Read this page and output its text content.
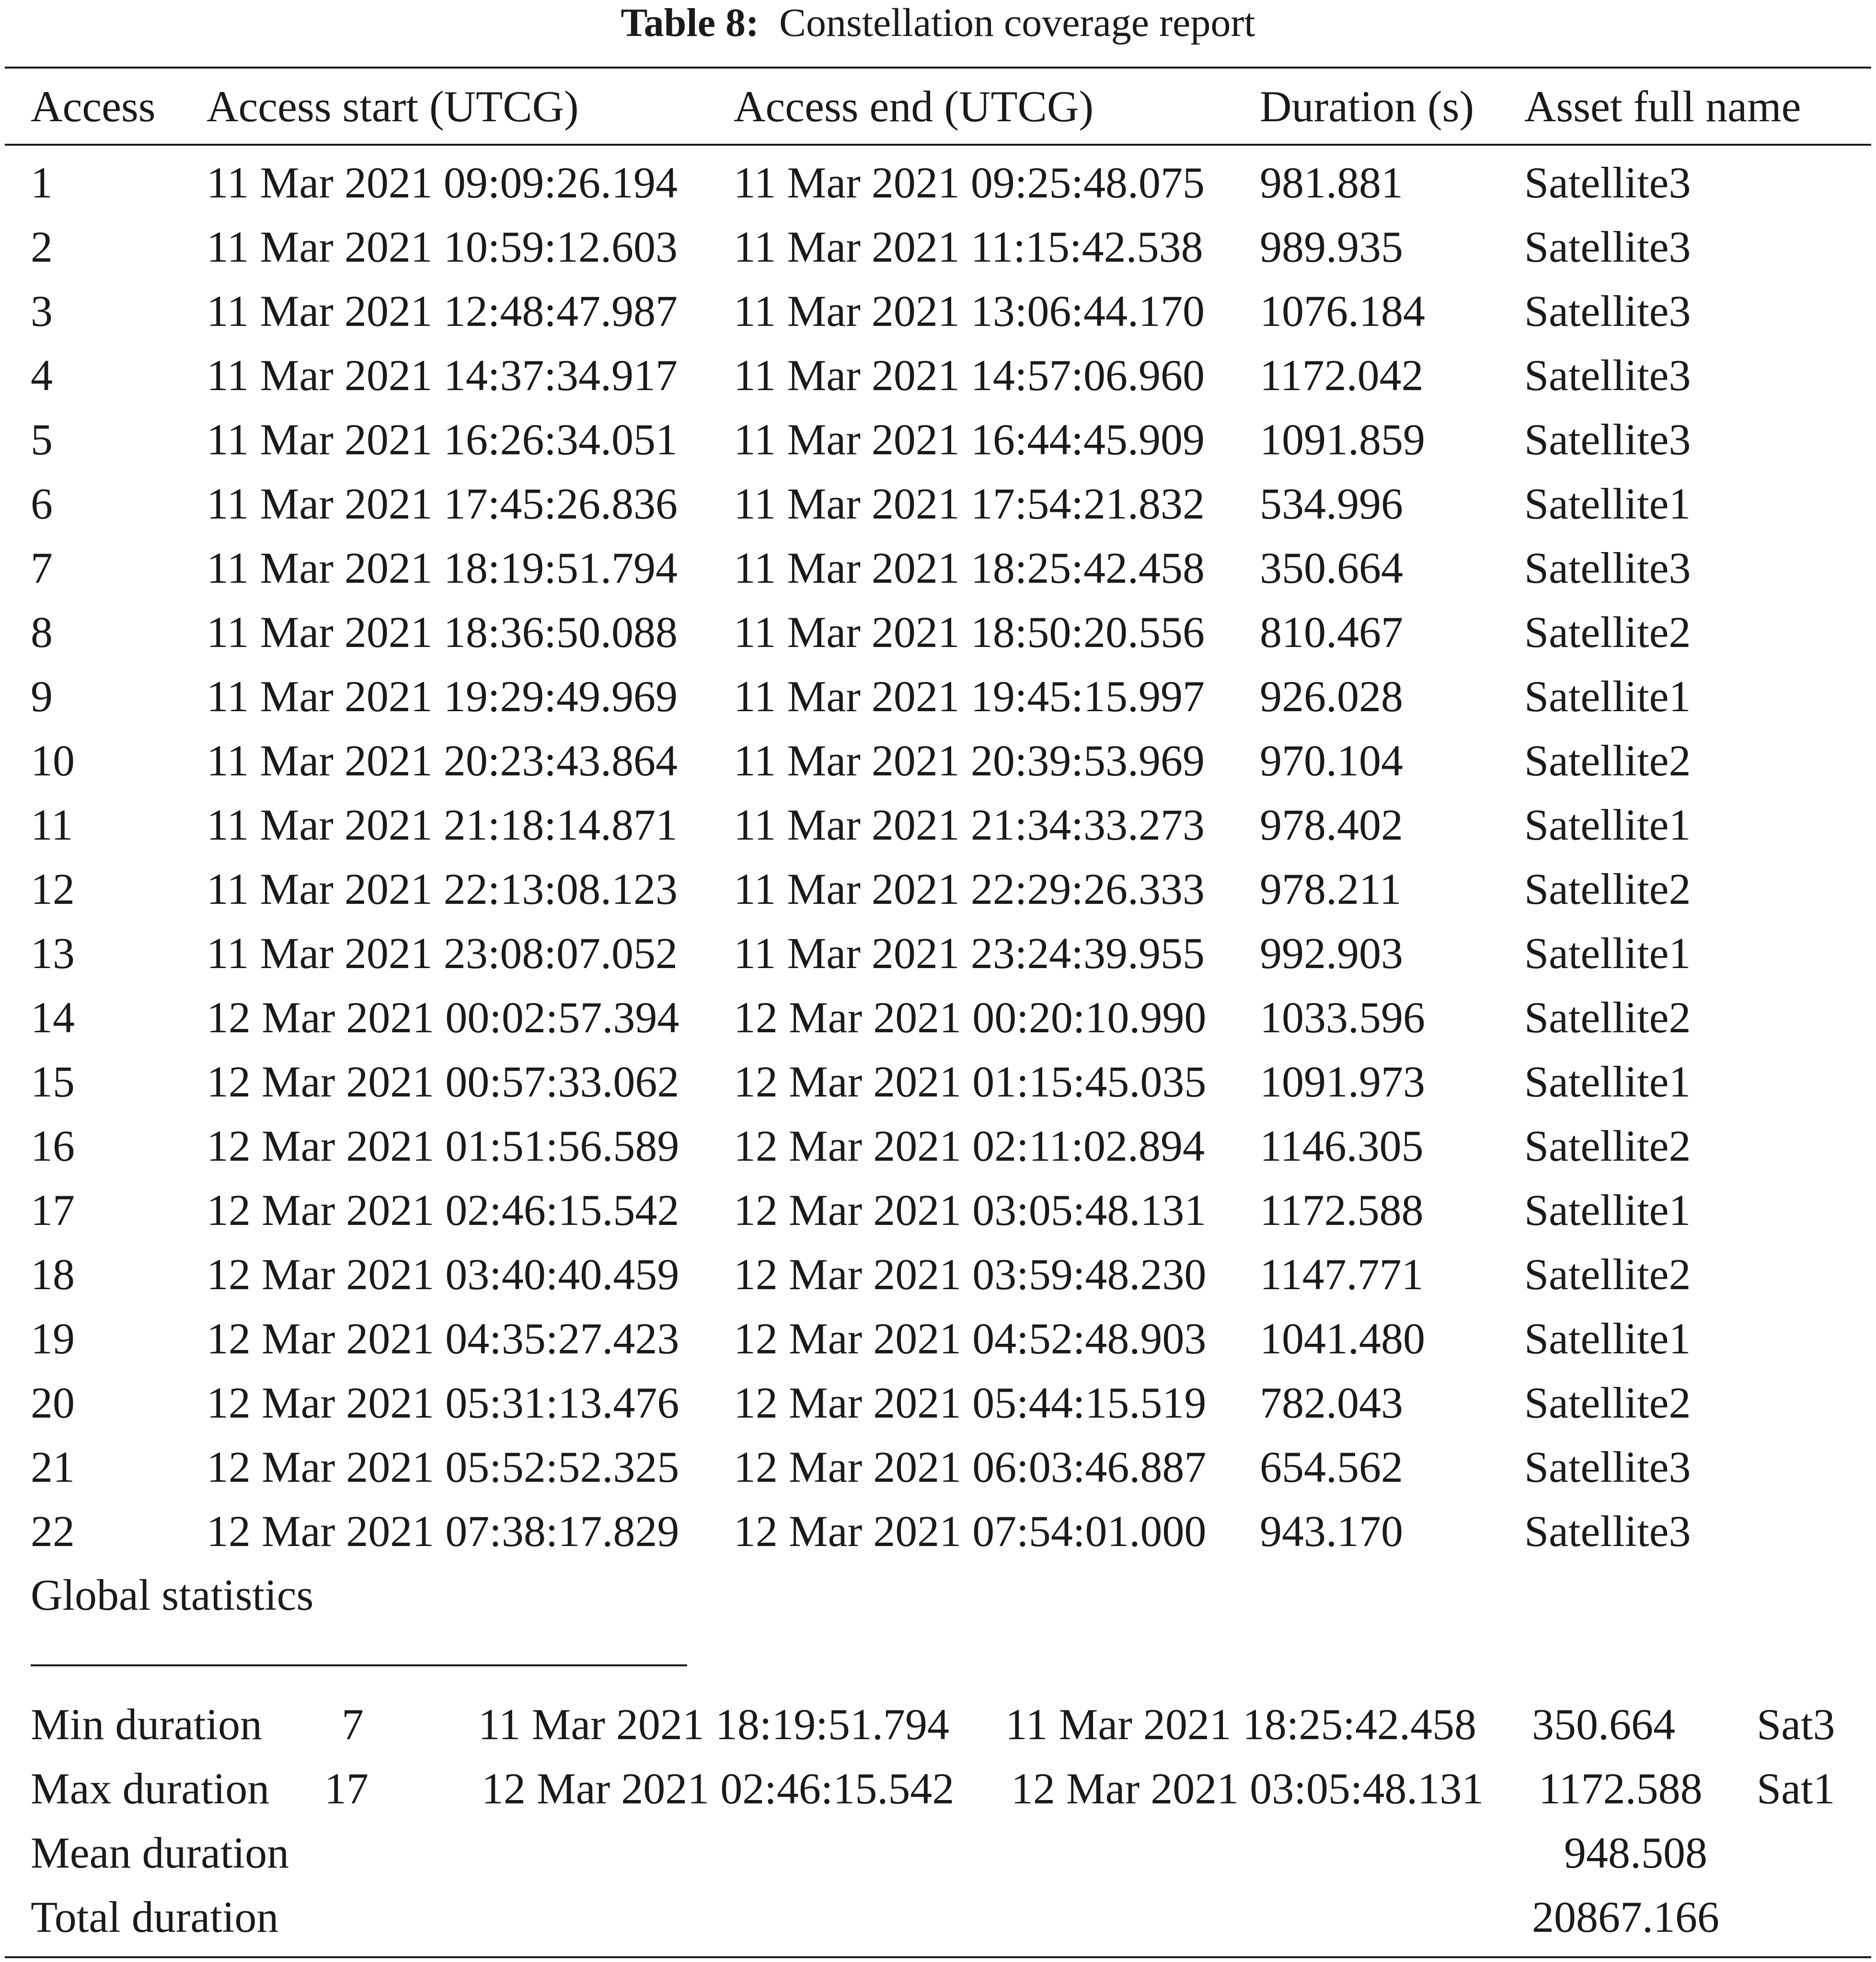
Table 8: Constellation coverage report
Access Access start (UTCG)	Access end (UTCG)	Duration (s) Asset full name
1	11 Mar 2021 09:09:26.194 11 Mar 2021 09:25:48.075 981.881	Satellite3
2	11 Mar 2021 10:59:12.603 11 Mar 2021 11:15:42.538 989.935	Satellite3
3	11 Mar 2021 12:48:47.987 11 Mar 2021 13:06:44.170 1076.184 Satellite3
4	11 Mar 2021 14:37:34.917 11 Mar 2021 14:57:06.960 1172.042 Satellite3
5	11 Mar 2021 16:26:34.051 11 Mar 2021 16:44:45.909 1091.859 Satellite3
6	11 Mar 2021 17:45:26.836 11 Mar 2021 17:54:21.832 534.996	Satellite1
7	11 Mar 2021 18:19:51.794 11 Mar 2021 18:25:42.458 350.664	Satellite3
8	11 Mar 2021 18:36:50.088 11 Mar 2021 18:50:20.556 810.467	Satellite2
9	11 Mar 2021 19:29:49.969 11 Mar 2021 19:45:15.997 926.028	Satellite1
10	11 Mar 2021 20:23:43.864 11 Mar 2021 20:39:53.969 970.104	Satellite2
11	11 Mar 2021 21:18:14.871 11 Mar 2021 21:34:33.273 978.402	Satellite1
12	11 Mar 2021 22:13:08.123 11 Mar 2021 22:29:26.333 978.211	Satellite2
13	11 Mar 2021 23:08:07.052 11 Mar 2021 23:24:39.955 992.903	Satellite1
14	12 Mar 2021 00:02:57.394 12 Mar 2021 00:20:10.990 1033.596 Satellite2
15	12 Mar 2021 00:57:33.062 12 Mar 2021 01:15:45.035 1091.973 Satellite1
16	12 Mar 2021 01:51:56.589 12 Mar 2021 02:11:02.894 1146.305 Satellite2
17	12 Mar 2021 02:46:15.542 12 Mar 2021 03:05:48.131 1172.588 Satellite1
18	12 Mar 2021 03:40:40.459 12 Mar 2021 03:59:48.230 1147.771 Satellite2
19	12 Mar 2021 04:35:27.423 12 Mar 2021 04:52:48.903 1041.480 Satellite1
20	12 Mar 2021 05:31:13.476 12 Mar 2021 05:44:15.519 782.043	Satellite2
21	12 Mar 2021 05:52:52.325 12 Mar 2021 06:03:46.887 654.562	Satellite3
22	12 Mar 2021 07:38:17.829 12 Mar 2021 07:54:01.000 943.170	Satellite3
Global statistics
Min duration 7	11 Mar 2021 18:19:51.794 11 Mar 2021 18:25:42.458 350.664 Sat3
Max duration 17	12 Mar 2021 02:46:15.542 12 Mar 2021 03:05:48.131 1172.588 Sat1
Mean duration	948.508
Total duration	20867.166
